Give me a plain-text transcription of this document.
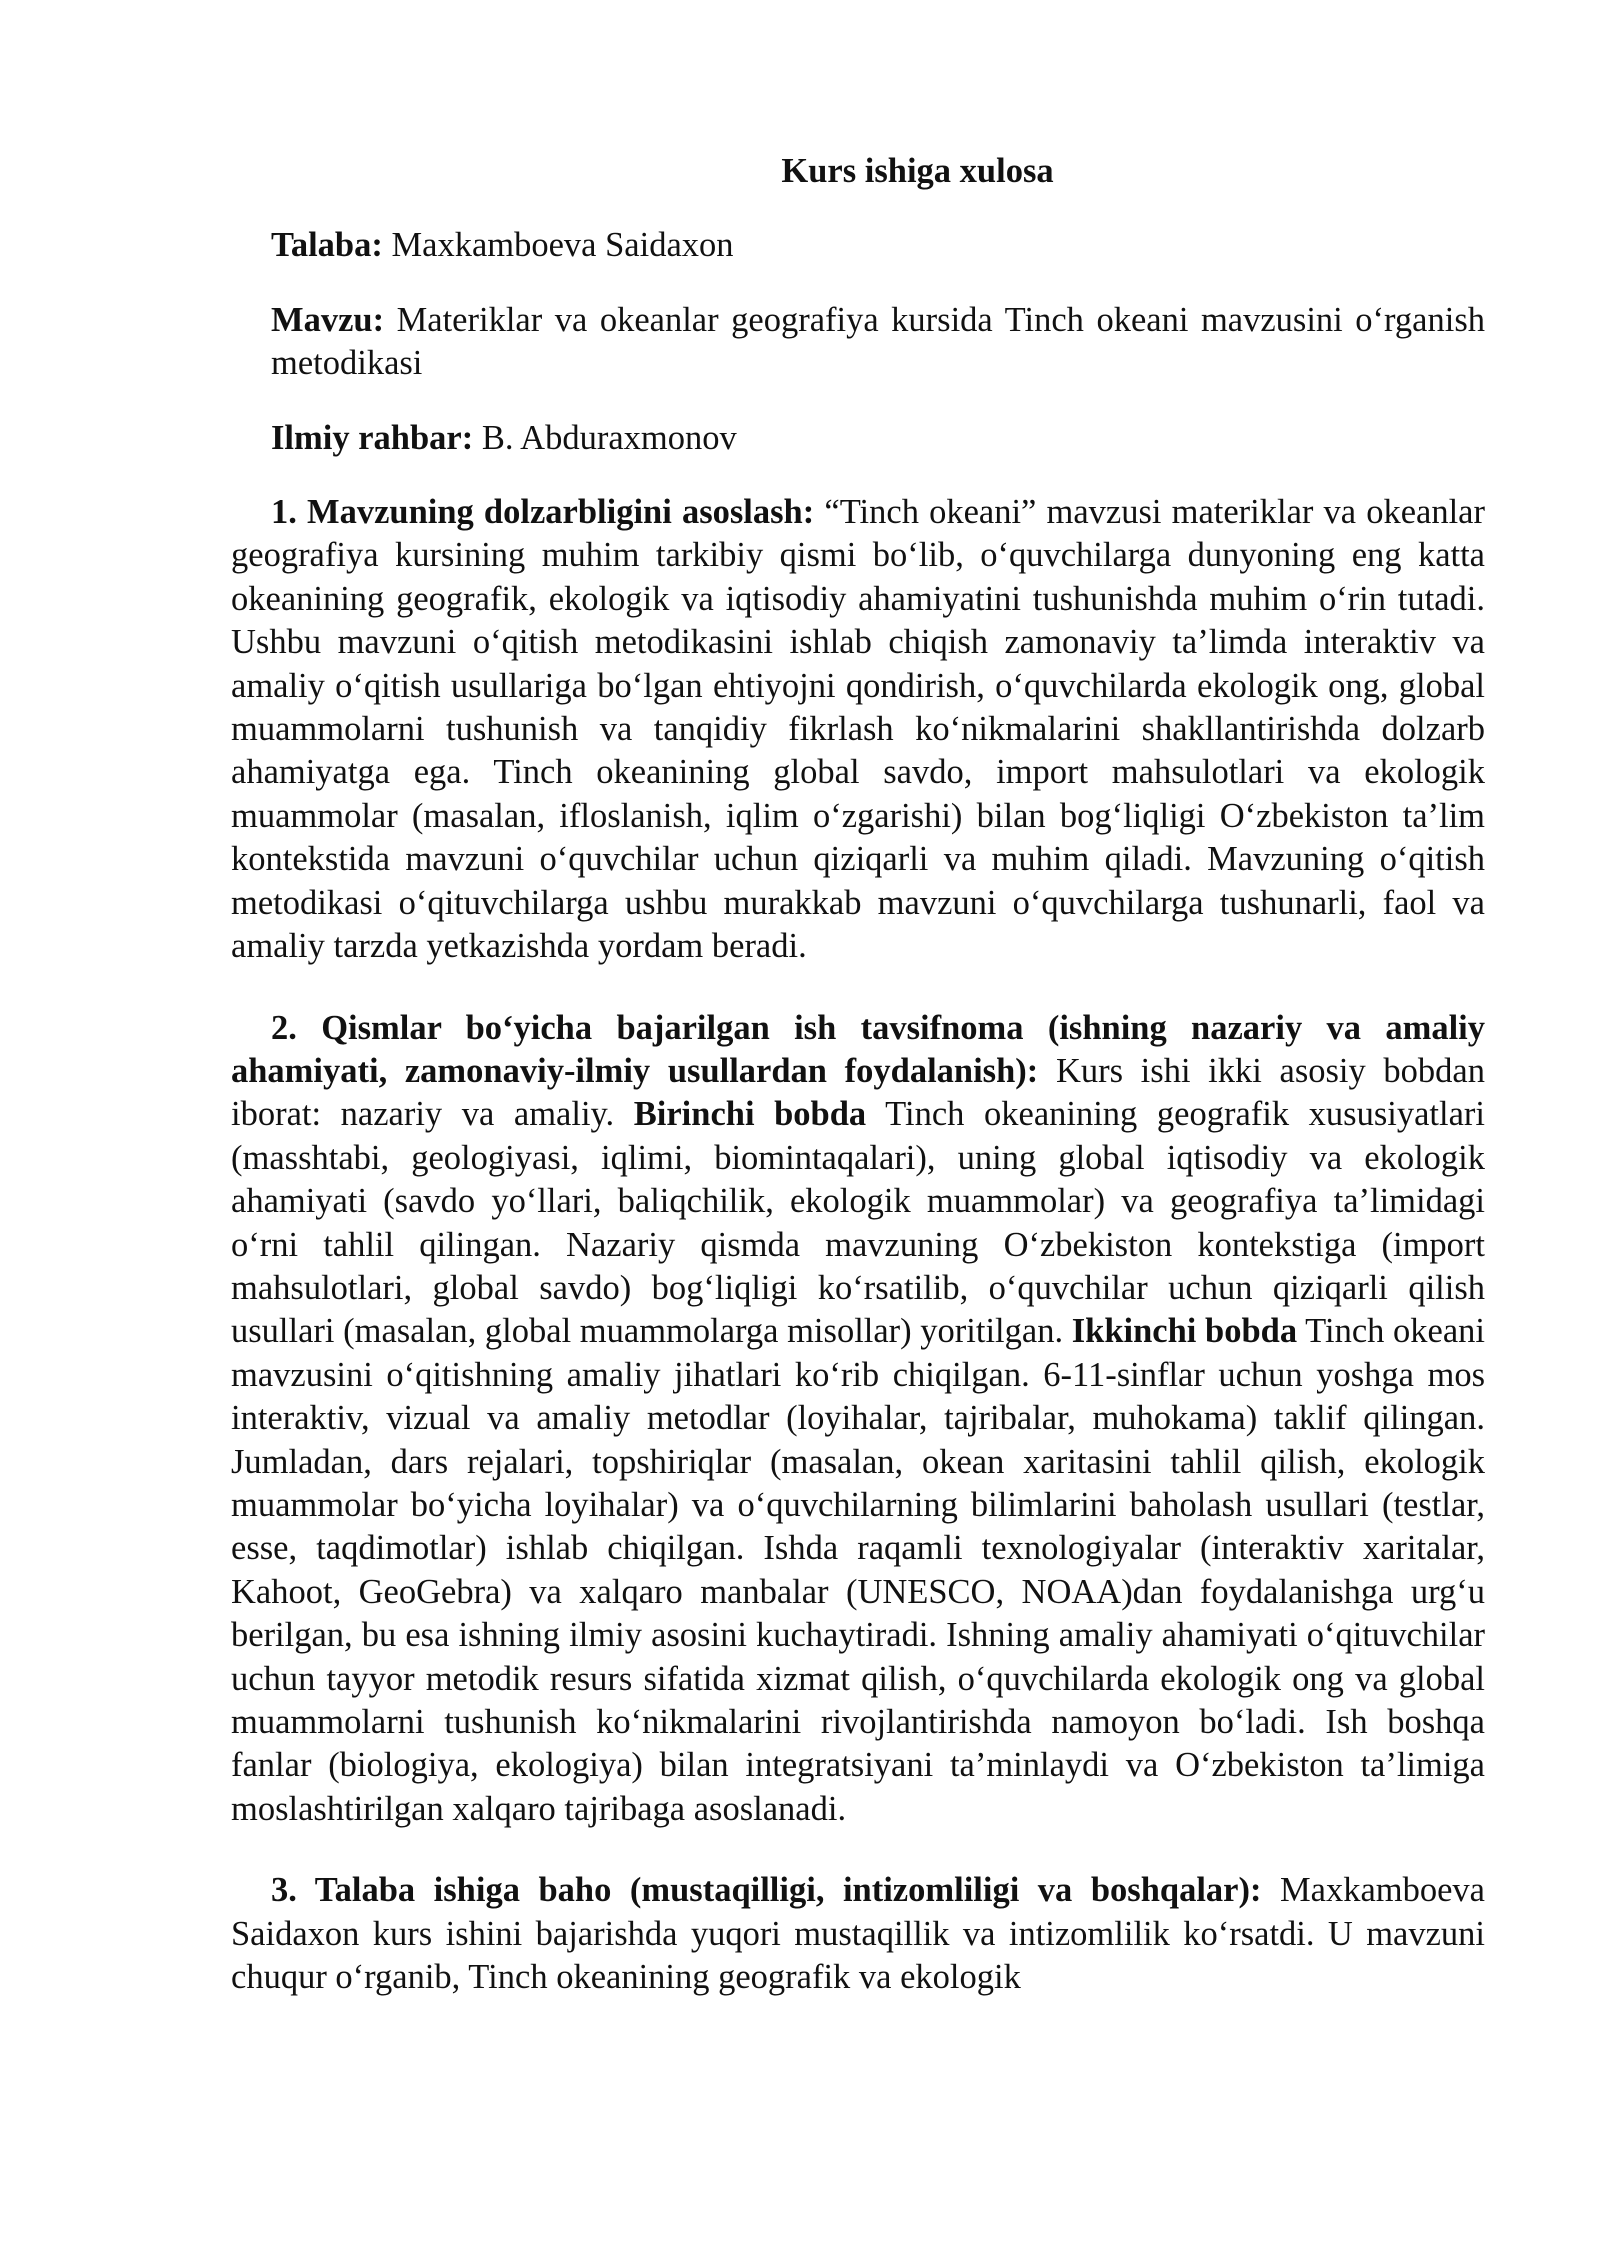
Kurs ishiga xulosa

Talaba: Maxkamboeva Saidaxon

Mavzu: Materiklar va okeanlar geografiya kursida Tinch okeani mavzusini o‘rganish metodikasi

Ilmiy rahbar: B. Abduraxmonov

1. Mavzuning dolzarbligini asoslash: “Tinch okeani” mavzusi materiklar va okeanlar geografiya kursining muhim tarkibiy qismi bo‘lib, o‘quvchilarga dunyoning eng katta okeanining geografik, ekologik va iqtisodiy ahamiyatini tushunishda muhim o‘rin tutadi. Ushbu mavzuni o‘qitish metodikasini ishlab chiqish zamonaviy ta’limda interaktiv va amaliy o‘qitish usullariga bo‘lgan ehtiyojni qondirish, o‘quvchilarda ekologik ong, global muammolarni tushunish va tanqidiy fikrlash ko‘nikmalarini shakllantirishda dolzarb ahamiyatga ega. Tinch okeanining global savdo, import mahsulotlari va ekologik muammolar (masalan, ifloslanish, iqlim o‘zgarishi) bilan bog‘liqligi O‘zbekiston ta’lim kontekstida mavzuni o‘quvchilar uchun qiziqarli va muhim qiladi. Mavzuning o‘qitish metodikasi o‘qituvchilarga ushbu murakkab mavzuni o‘quvchilarga tushunarli, faol va amaliy tarzda yetkazishda yordam beradi.

2. Qismlar bo‘yicha bajarilgan ish tavsifnoma (ishning nazariy va amaliy ahamiyati, zamonaviy-ilmiy usullardan foydalanish): Kurs ishi ikki asosiy bobdan iborat: nazariy va amaliy. Birinchi bobda Tinch okeanining geografik xususiyatlari (masshtabi, geologiyasi, iqlimi, biomintaqalari), uning global iqtisodiy va ekologik ahamiyati (savdo yo‘llari, baliqchilik, ekologik muammolar) va geografiya ta’limidagi o‘rni tahlil qilingan. Nazariy qismda mavzuning O‘zbekiston kontekstiga (import mahsulotlari, global savdo) bog‘liqligi ko‘rsatilib, o‘quvchilar uchun qiziqarli qilish usullari (masalan, global muammolarga misollar) yoritilgan. Ikkinchi bobda Tinch okeani mavzusini o‘qitishning amaliy jihatlari ko‘rib chiqilgan. 6-11-sinflar uchun yoshga mos interaktiv, vizual va amaliy metodlar (loyihalar, tajribalar, muhokama) taklif qilingan. Jumladan, dars rejalari, topshiriqlar (masalan, okean xaritasini tahlil qilish, ekologik muammolar bo‘yicha loyihalar) va o‘quvchilarning bilimlarini baholash usullari (testlar, esse, taqdimotlar) ishlab chiqilgan. Ishda raqamli texnologiyalar (interaktiv xaritalar, Kahoot, GeoGebra) va xalqaro manbalar (UNESCO, NOAA)dan foydalanishga urg‘u berilgan, bu esa ishning ilmiy asosini kuchaytiradi. Ishning amaliy ahamiyati o‘qituvchilar uchun tayyor metodik resurs sifatida xizmat qilish, o‘quvchilarda ekologik ong va global muammolarni tushunish ko‘nikmalarini rivojlantirishda namoyon bo‘ladi. Ish boshqa fanlar (biologiya, ekologiya) bilan integratsiyani ta’minlaydi va O‘zbekiston ta’limiga moslashtirilgan xalqaro tajribaga asoslanadi.

3. Talaba ishiga baho (mustaqilligi, intizomliligi va boshqalar): Maxkamboeva Saidaxon kurs ishini bajarishda yuqori mustaqillik va intizomlilik ko‘rsatdi. U mavzuni chuqur o‘rganib, Tinch okeanining geografik va ekologik
